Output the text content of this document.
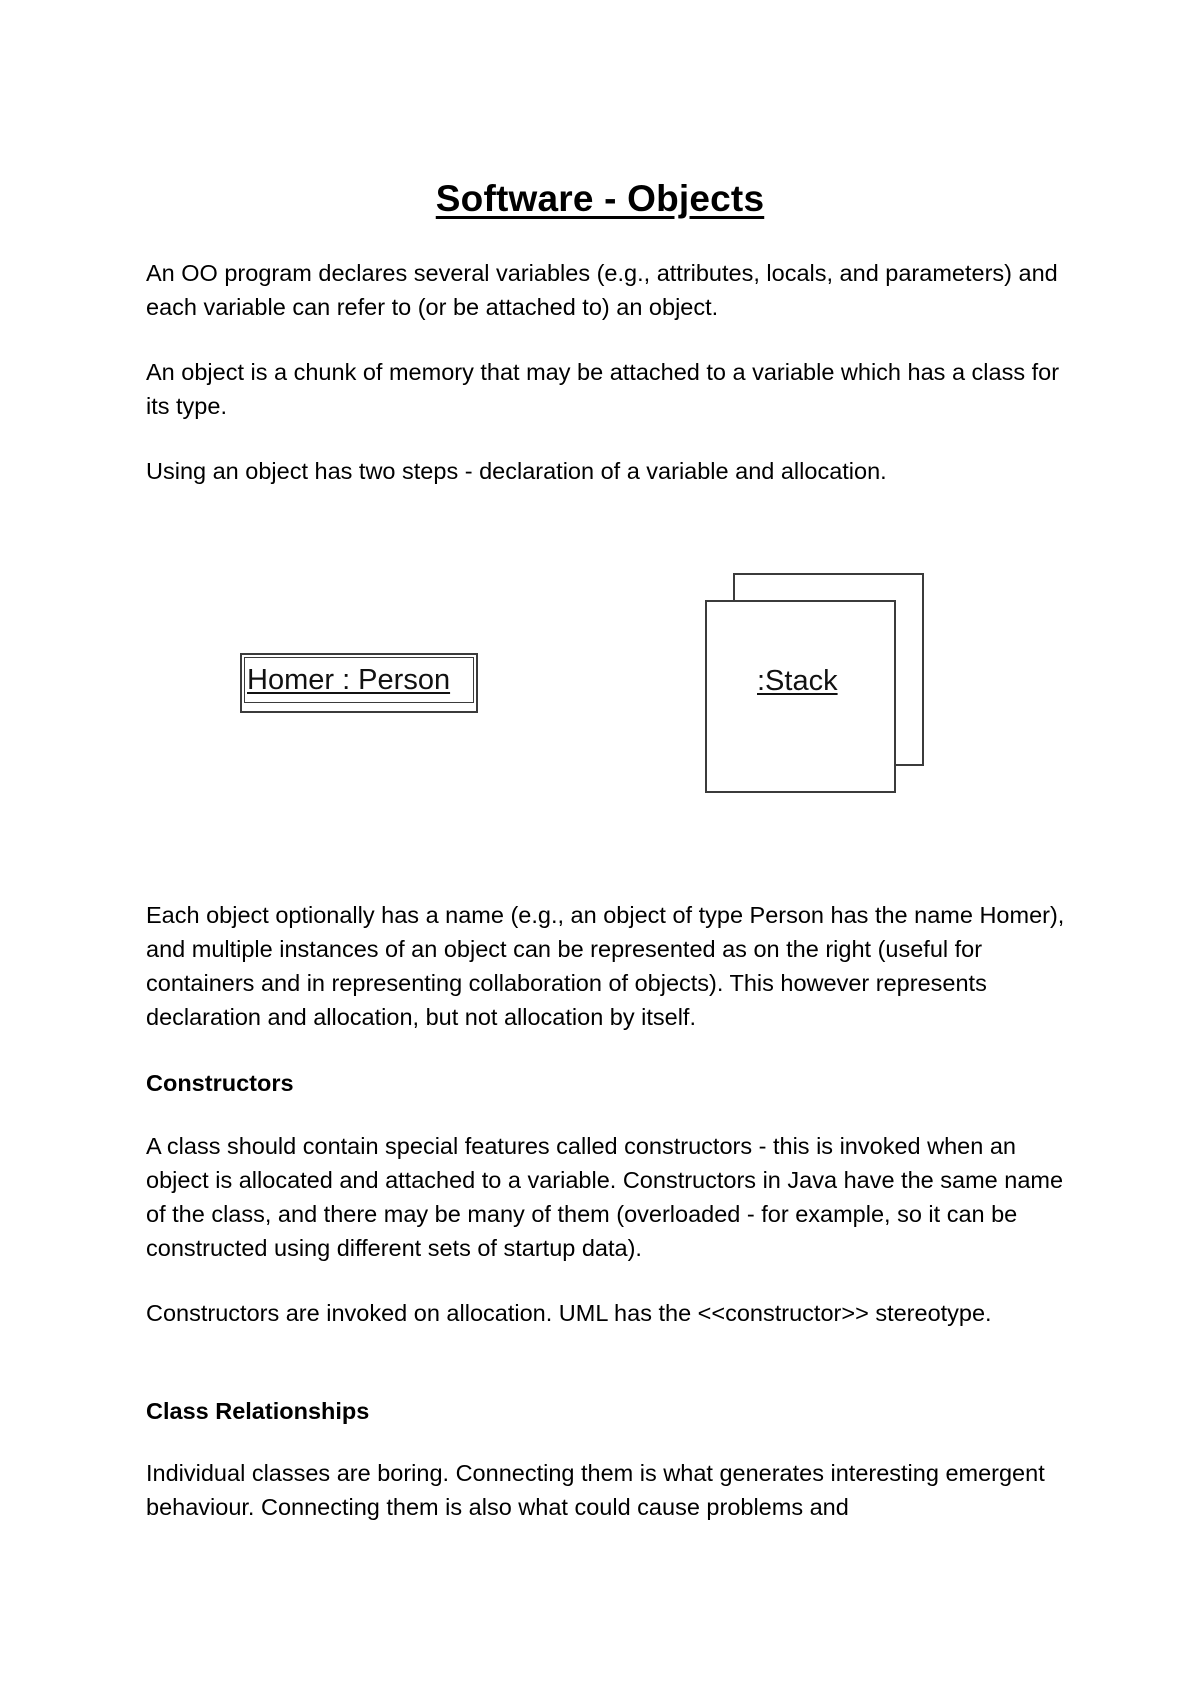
Software - Objects

An OO program declares several variables (e.g., attributes, locals, and parameters) and each variable can refer to (or be attached to) an object.

An object is a chunk of memory that may be attached to a variable which has a class for its type.

Using an object has two steps - declaration of a variable and allocation.

Homer : Person	:Stack

Each object optionally has a name (e.g., an object of type Person has the name Homer), and multiple instances of an object can be represented as on the right (useful for containers and in representing collaboration of objects). This however represents declaration and allocation, but not allocation by itself.

Constructors

A class should contain special features called constructors - this is invoked when an object is allocated and attached to a variable. Constructors in Java have the same name of the class, and there may be many of them (overloaded - for example, so it can be constructed using different sets of startup data).

Constructors are invoked on allocation. UML has the <<constructor>> stereotype.

Class Relationships

Individual classes are boring. Connecting them is what generates interesting emergent behaviour. Connecting them is also what could cause problems and
